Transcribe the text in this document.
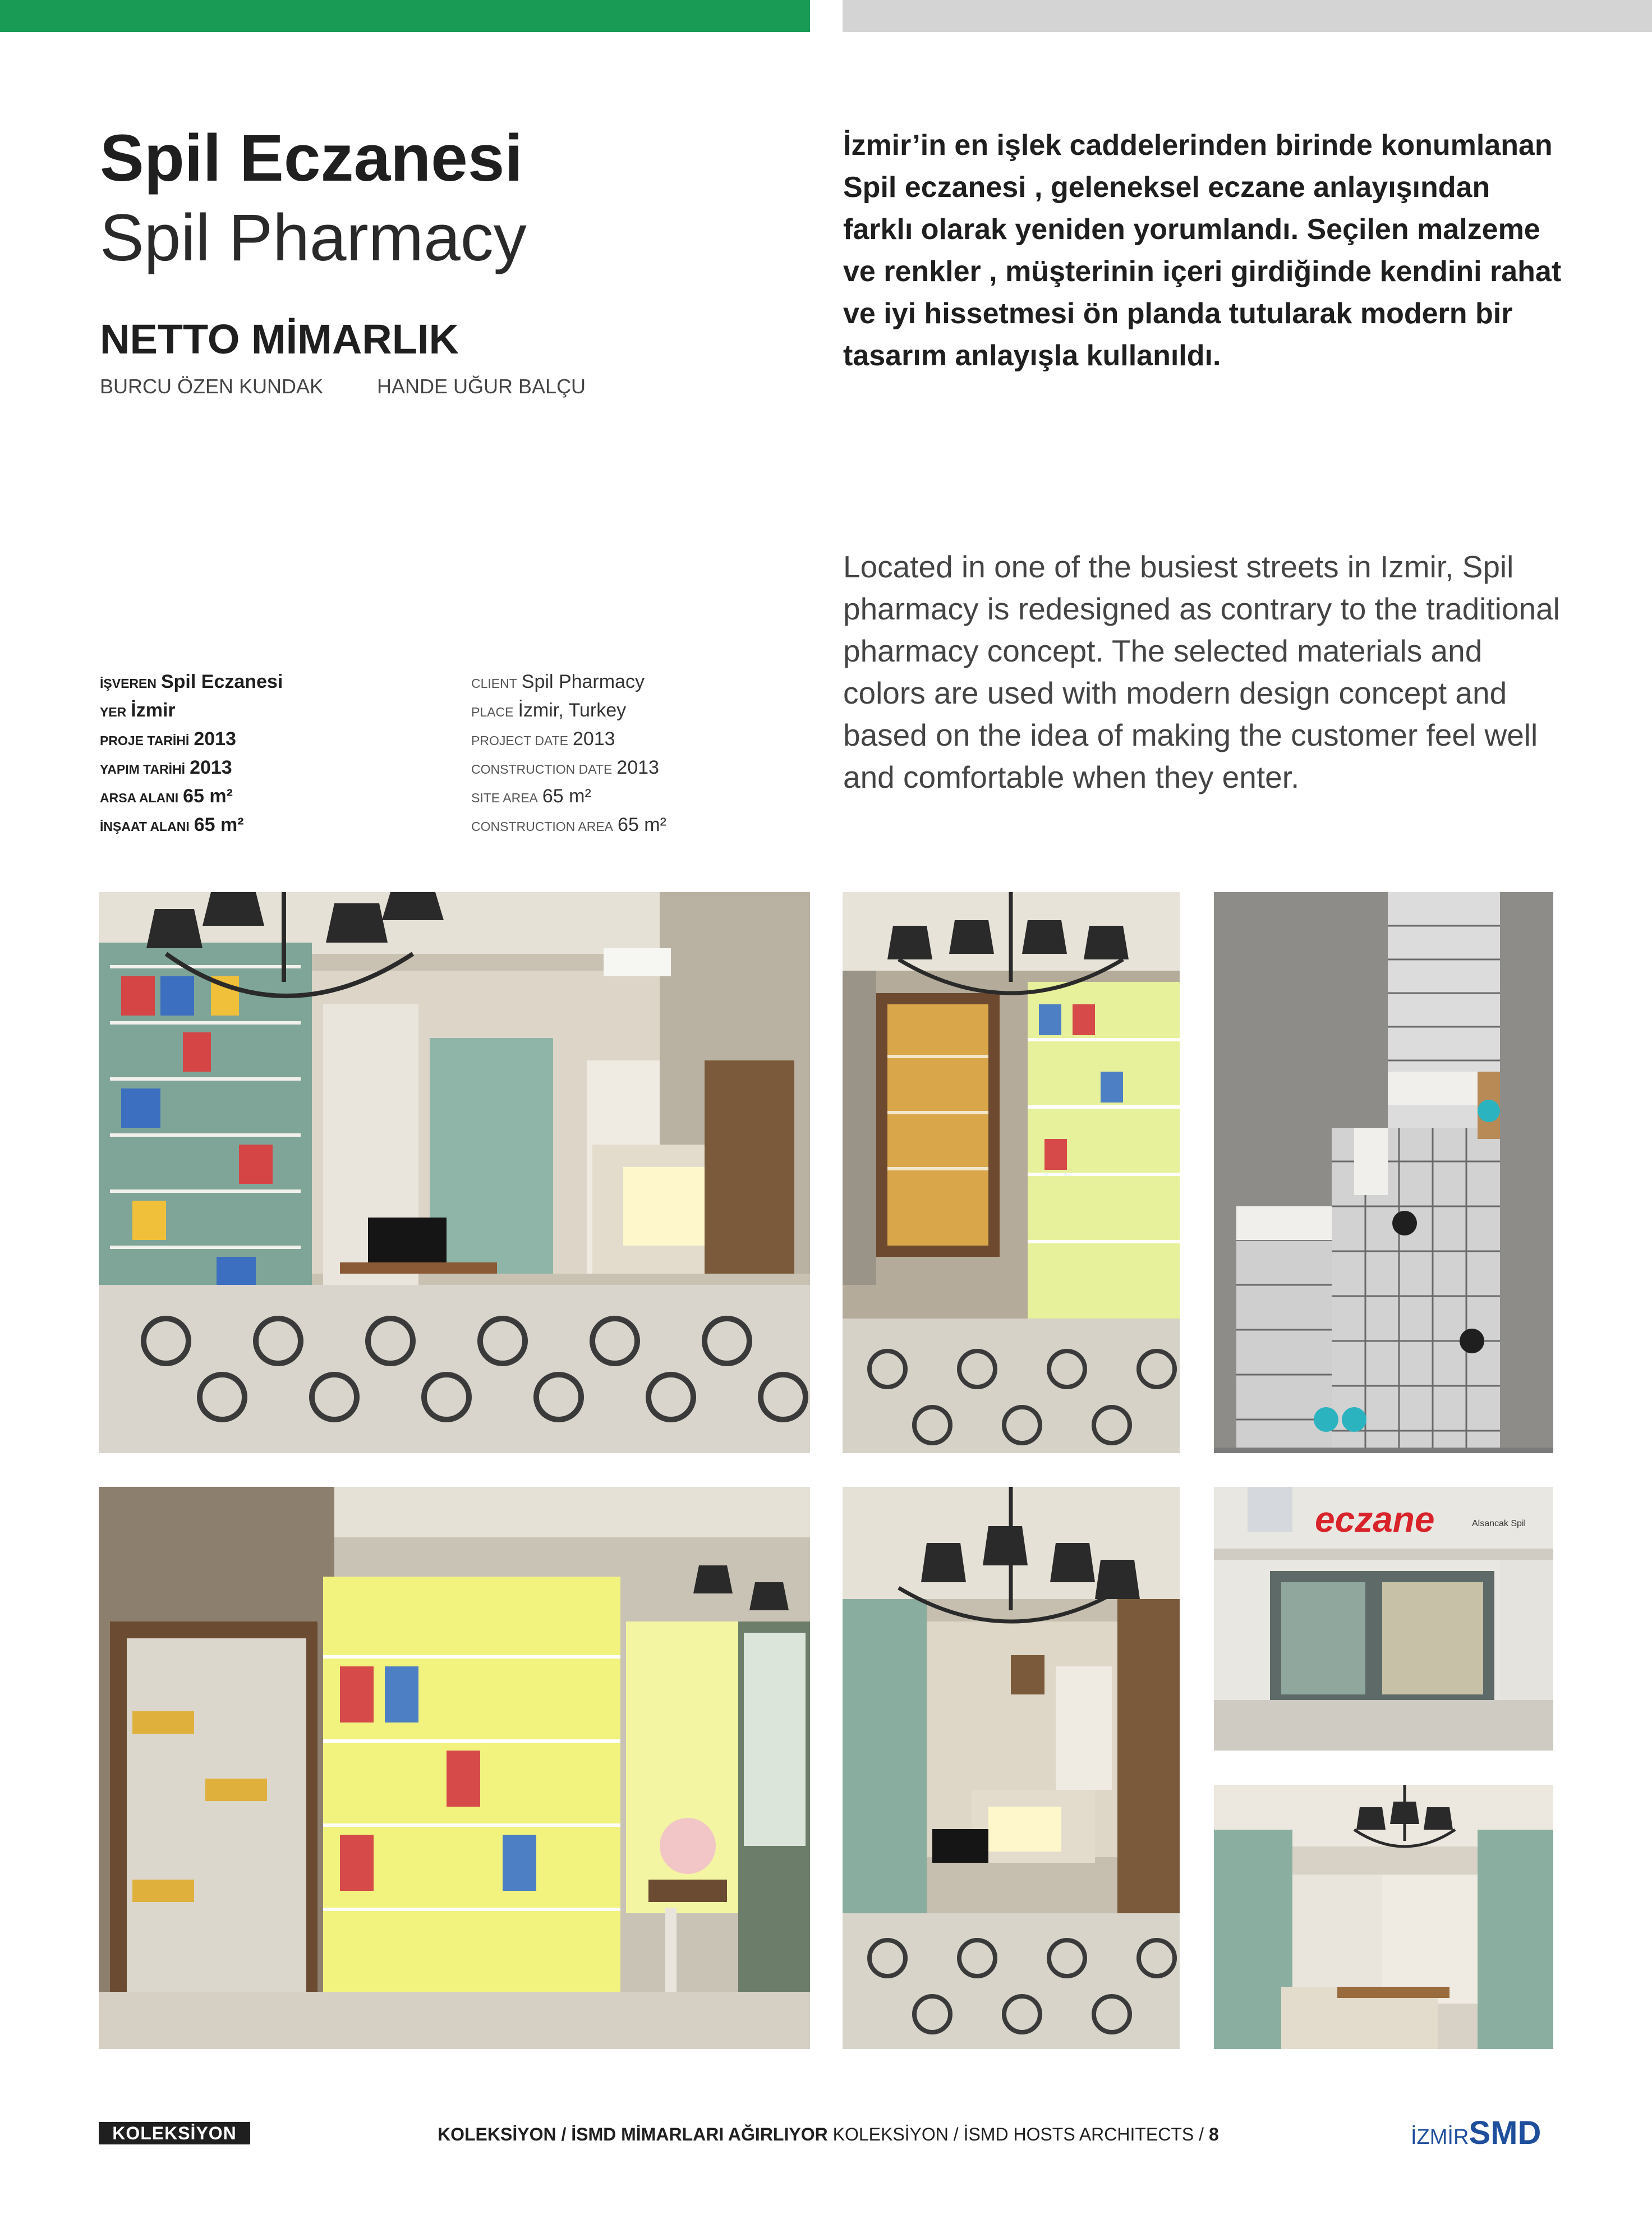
Spil Eczanesi
Spil Pharmacy
NETTO MİMARLIK
BURCU ÖZEN KUNDAK	HANDE UĞUR BALÇU
İzmir’in en işlek caddelerinden birinde konumlanan Spil eczanesi , geleneksel eczane anlayışından farklı olarak yeniden yorumlandı. Seçilen malzeme ve renkler , müşterinin içeri girdiğinde kendini rahat ve iyi hissetmesi ön planda tutularak modern bir tasarım anlayışla kullanıldı.
Located in one of the busiest streets in Izmir, Spil pharmacy is redesigned as contrary to the traditional pharmacy concept. The selected materials and colors are used with modern design concept and based on the idea of making the customer feel well and comfortable when they enter.
İŞVEREN Spil Eczanesi
YER İzmir
PROJE TARİHİ 2013
YAPIM TARİHİ 2013
ARSA ALANI 65 m²
İNŞAAT ALANI 65 m²
CLIENT Spil Pharmacy
PLACE İzmir, Turkey
PROJECT DATE 2013
CONSTRUCTION DATE 2013
SITE AREA 65 m²
CONSTRUCTION AREA 65 m²
eczane	Alsancak Spil
KOLEKSİYON	KOLEKSİYON / İSMD MİMARLARI AĞIRLIYOR KOLEKSİYON / İSMD HOSTS ARCHITECTS / 8	İZMİRSMD
